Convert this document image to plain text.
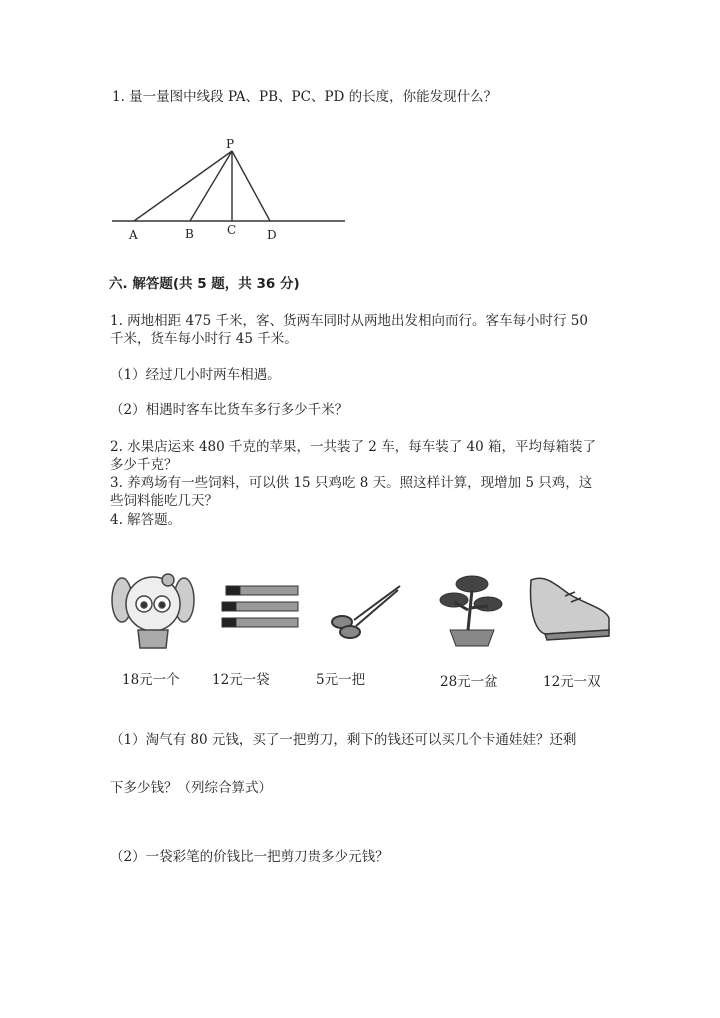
1. 量一量图中线段 PA、PB、PC、PD 的长度，你能发现什么？
P
A	B	C	D
六. 解答题(共 5 题，共 36 分)
1. 两地相距 475 千米，客、货两车同时从两地出发相向而行。客车每小时行 50
千米，货车每小时行 45 千米。
（1）经过几小时两车相遇。
（2）相遇时客车比货车多行多少千米？
2. 水果店运来 480 千克的苹果，一共装了 2 车，每车装了 40 箱，平均每箱装了
多少千克？
3. 养鸡场有一些饲料，可以供 15 只鸡吃 8 天。照这样计算，现增加 5 只鸡，这
些饲料能吃几天？
4. 解答题。
18元一个 12元一袋	5元一把	28元一盆	12元一双
（1）淘气有 80 元钱，买了一把剪刀，剩下的钱还可以买几个卡通娃娃？还剩
下多少钱？（列综合算式）
（2）一袋彩笔的价钱比一把剪刀贵多少元钱？
